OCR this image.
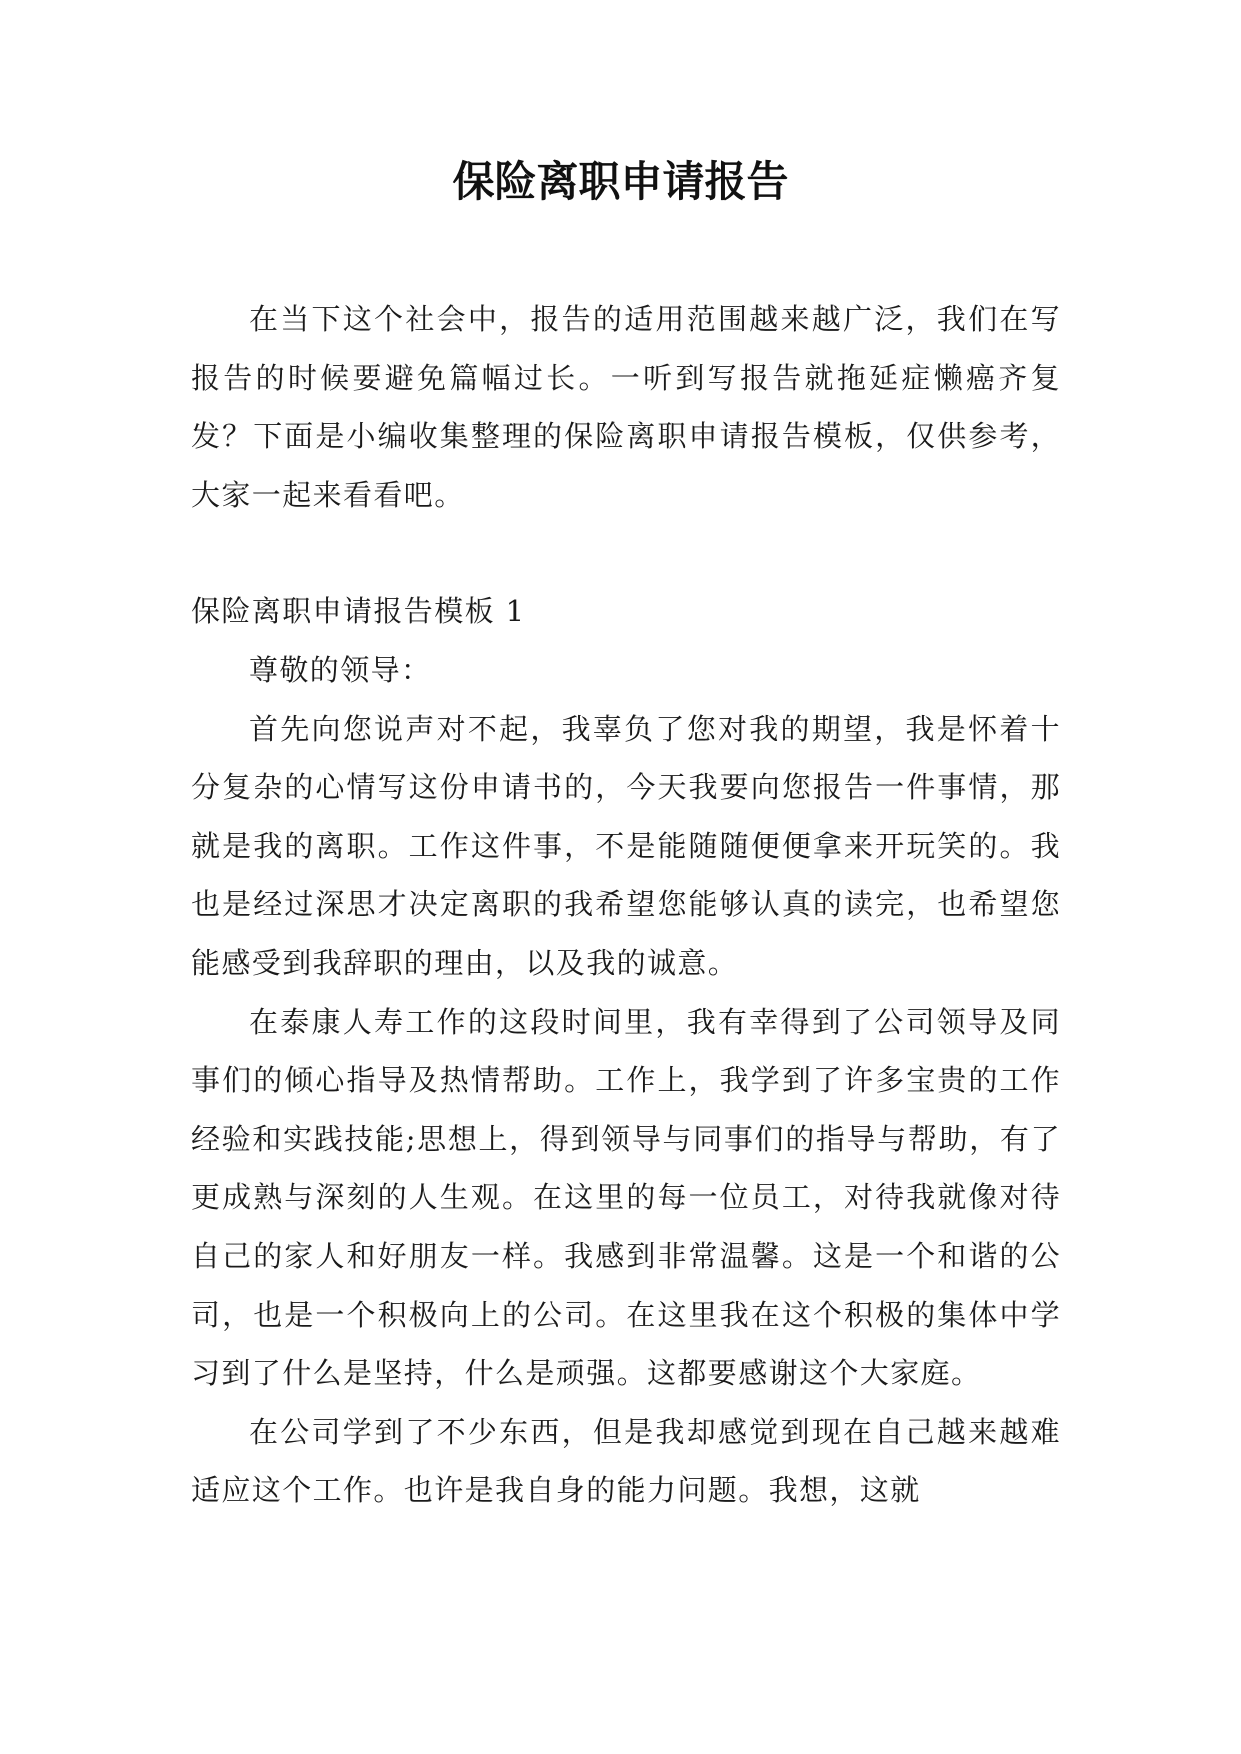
保险离职申请报告

在当下这个社会中，报告的适用范围越来越广泛，我们在写报告的时候要避免篇幅过长。一听到写报告就拖延症懒癌齐复发？下面是小编收集整理的保险离职申请报告模板，仅供参考，大家一起来看看吧。

保险离职申请报告模板 1

尊敬的领导：

首先向您说声对不起，我辜负了您对我的期望，我是怀着十分复杂的心情写这份申请书的，今天我要向您报告一件事情，那就是我的离职。工作这件事，不是能随随便便拿来开玩笑的。我也是经过深思才决定离职的我希望您能够认真的读完，也希望您能感受到我辞职的理由，以及我的诚意。

在泰康人寿工作的这段时间里，我有幸得到了公司领导及同事们的倾心指导及热情帮助。工作上，我学到了许多宝贵的工作经验和实践技能;思想上，得到领导与同事们的指导与帮助，有了更成熟与深刻的人生观。在这里的每一位员工，对待我就像对待自己的家人和好朋友一样。我感到非常温馨。这是一个和谐的公司，也是一个积极向上的公司。在这里我在这个积极的集体中学习到了什么是坚持，什么是顽强。这都要感谢这个大家庭。

在公司学到了不少东西，但是我却感觉到现在自己越来越难适应这个工作。也许是我自身的能力问题。我想，这就
